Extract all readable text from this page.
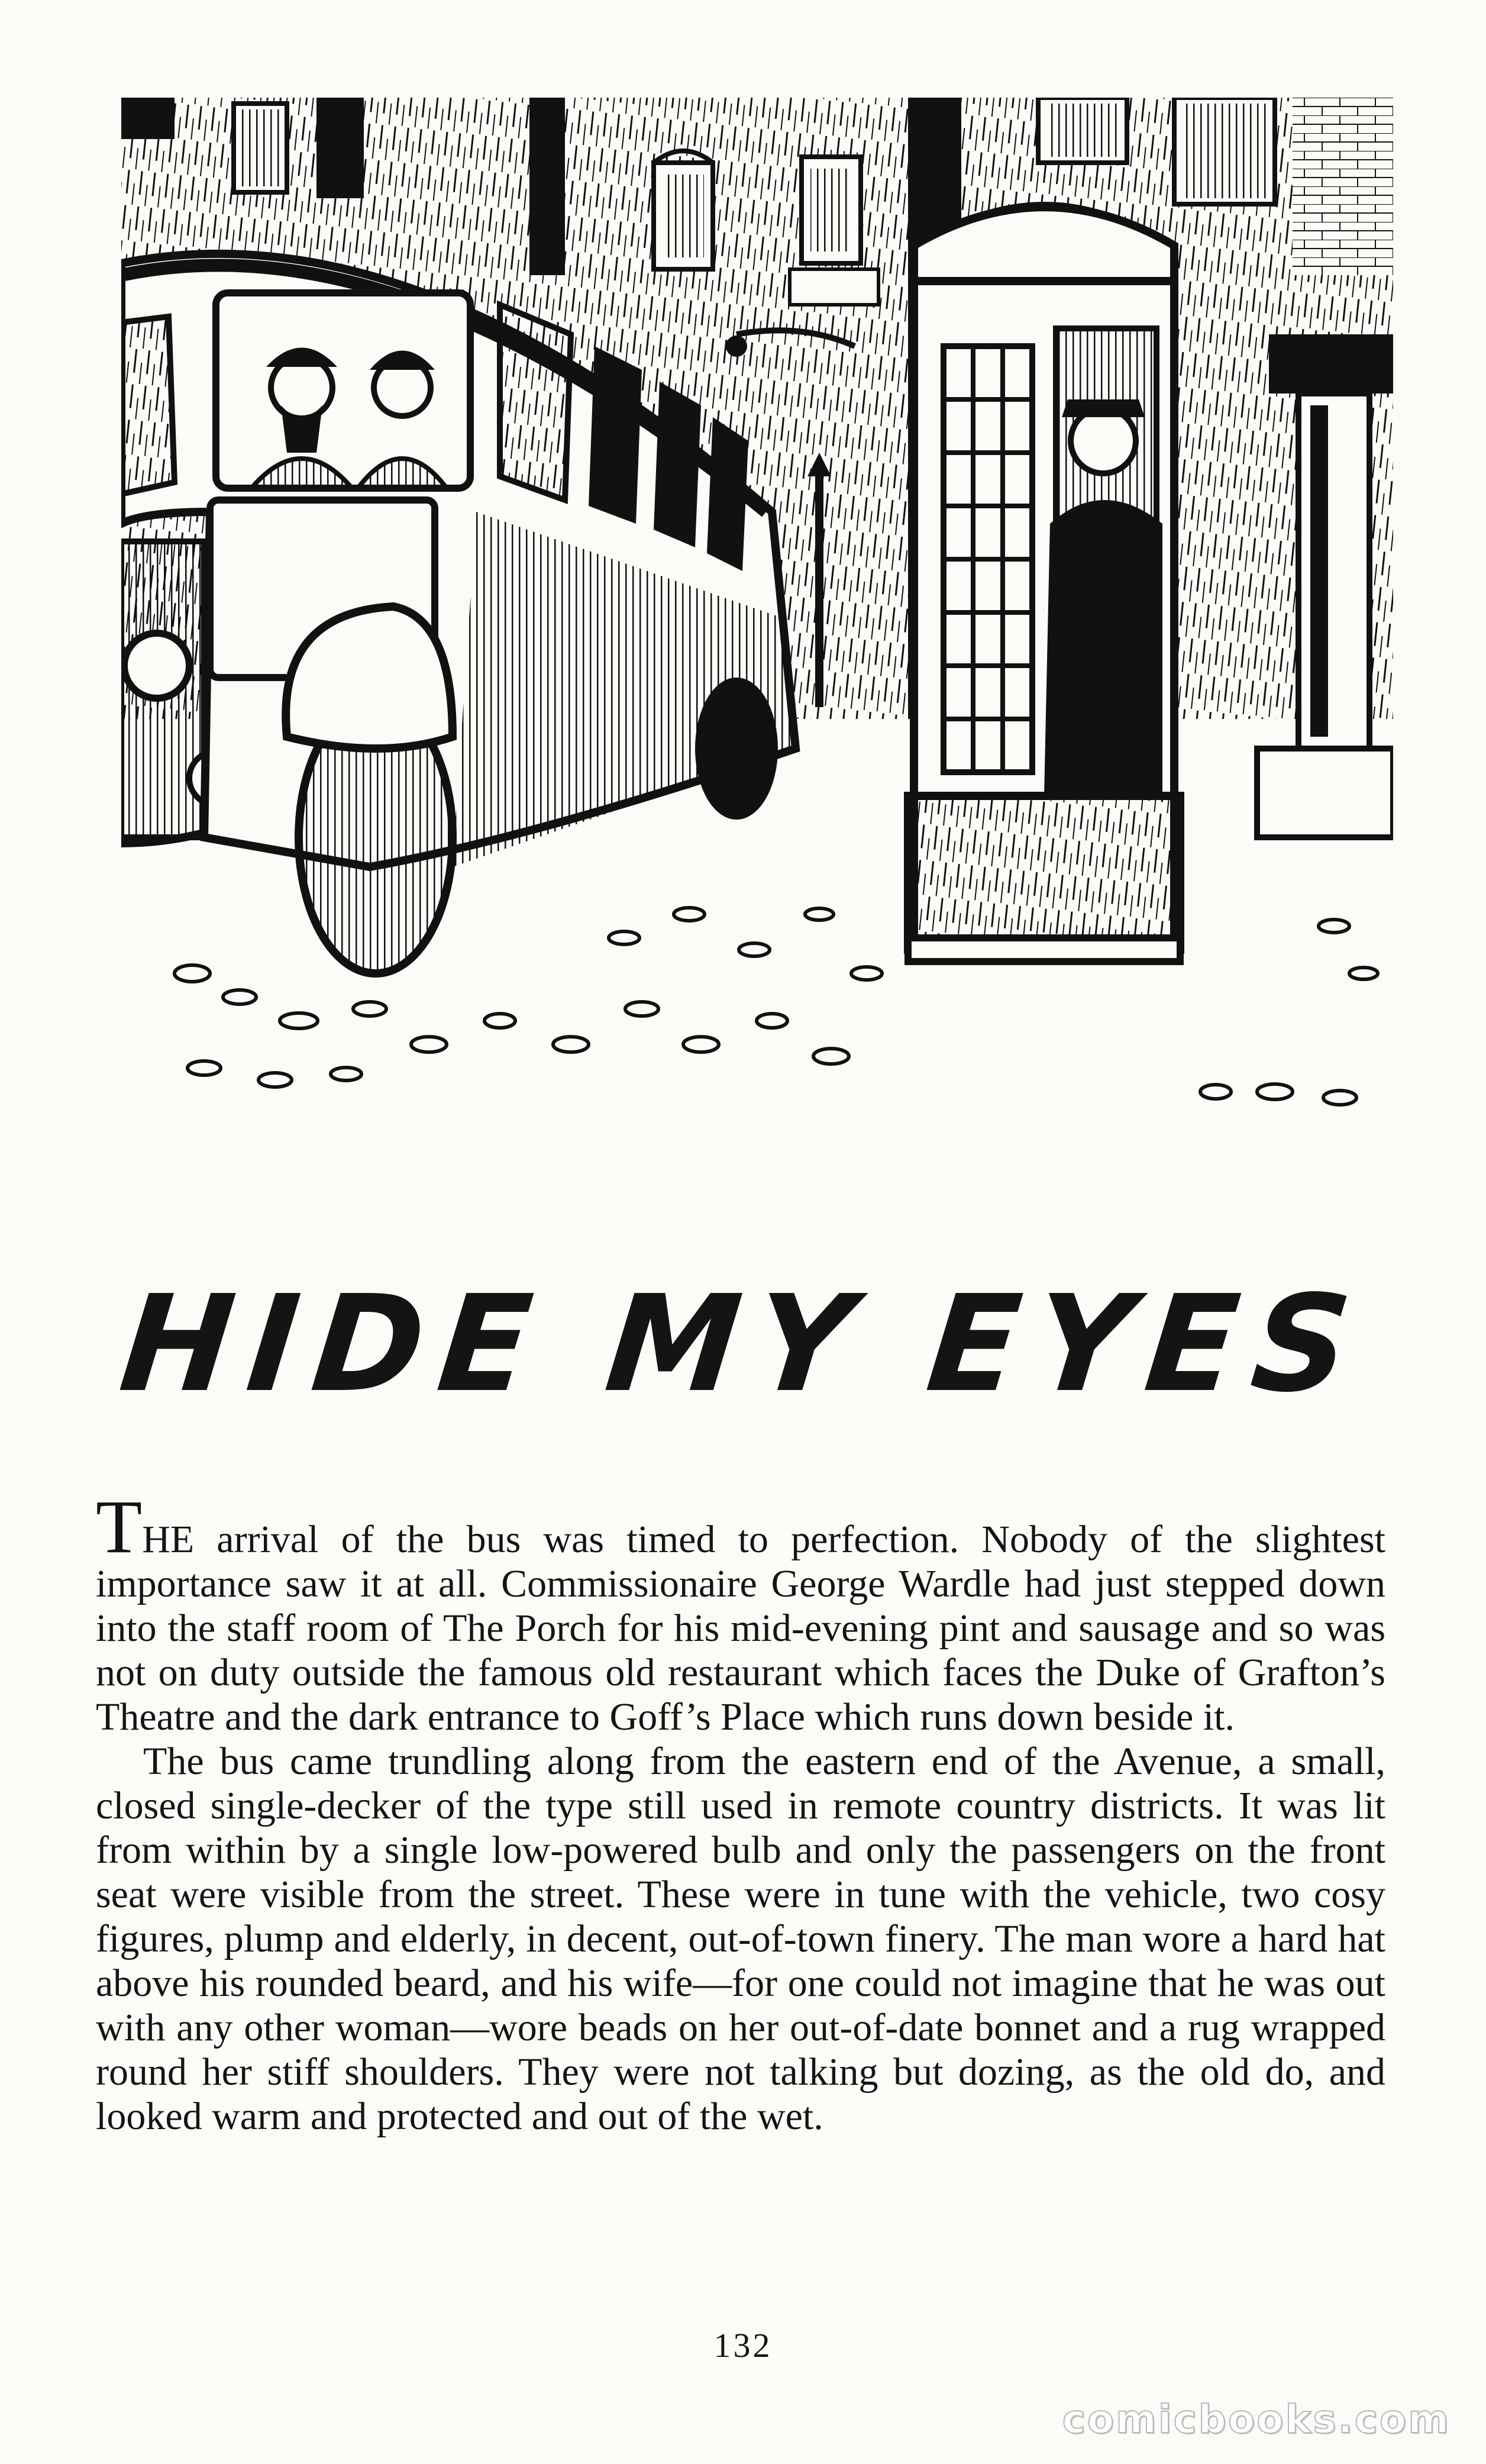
HIDE MY EYES

THE arrival of the bus was timed to perfection. Nobody of the slightest importance saw it at all. Commissionaire George Wardle had just stepped down into the staff room of The Porch for his mid-evening pint and sausage and so was not on duty outside the famous old restaurant which faces the Duke of Grafton’s Theatre and the dark entrance to Goff’s Place which runs down beside it.

The bus came trundling along from the eastern end of the Avenue, a small, closed single-decker of the type still used in remote country districts. It was lit from within by a single low-powered bulb and only the passengers on the front seat were visible from the street. These were in tune with the vehicle, two cosy figures, plump and elderly, in decent, out-of-town finery. The man wore a hard hat above his rounded beard, and his wife—for one could not imagine that he was out with any other woman—wore beads on her out-of-date bonnet and a rug wrapped round her stiff shoulders. They were not talking but dozing, as the old do, and looked warm and protected and out of the wet.

132
comicbooks.com
